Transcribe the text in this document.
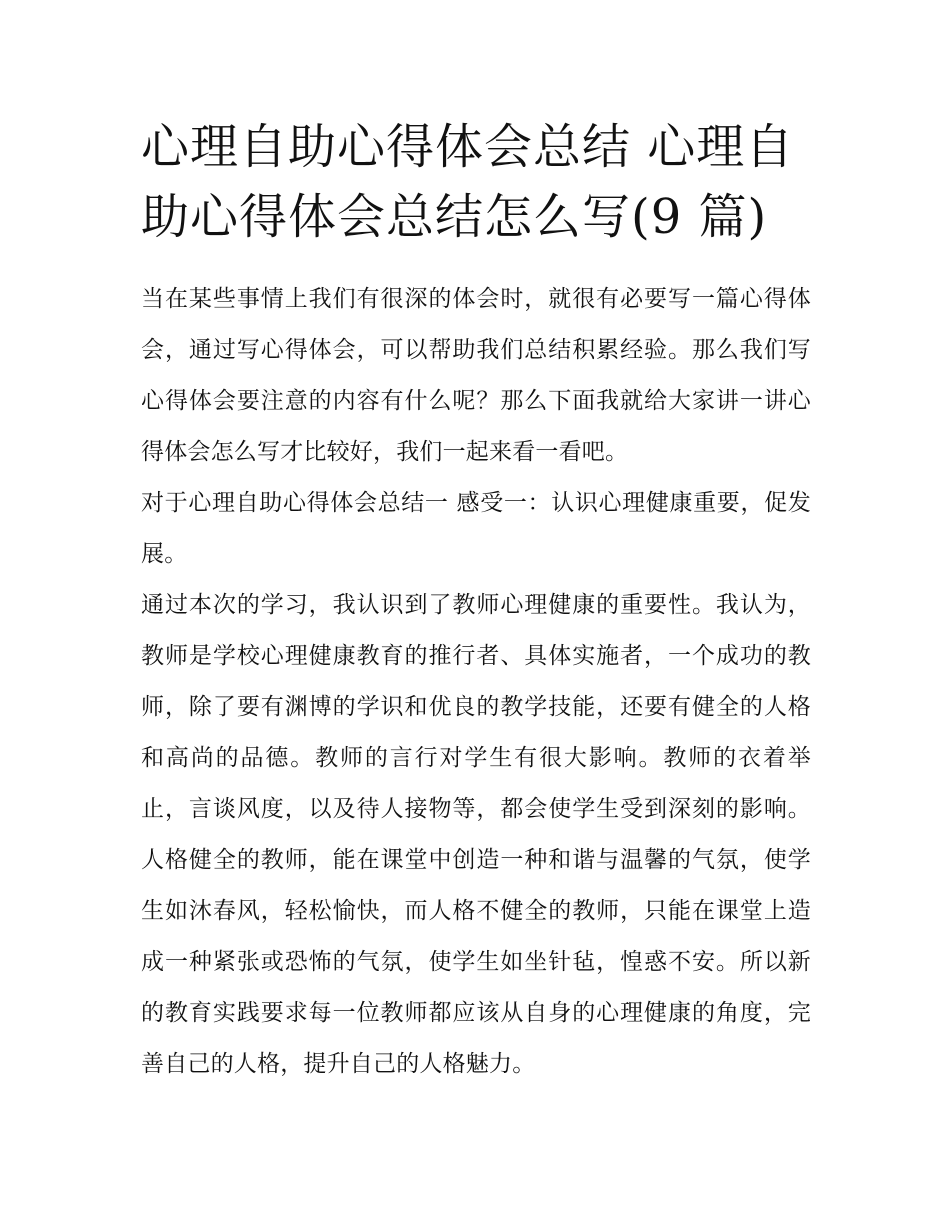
心理自助心得体会总结 心理自助心得体会总结怎么写(9 篇)

当在某些事情上我们有很深的体会时，就很有必要写一篇心得体会，通过写心得体会，可以帮助我们总结积累经验。那么我们写心得体会要注意的内容有什么呢？那么下面我就给大家讲一讲心得体会怎么写才比较好，我们一起来看一看吧。

对于心理自助心得体会总结一 感受一：认识心理健康重要，促发展。

通过本次的学习，我认识到了教师心理健康的重要性。我认为，教师是学校心理健康教育的推行者、具体实施者，一个成功的教师，除了要有渊博的学识和优良的教学技能，还要有健全的人格和高尚的品德。教师的言行对学生有很大影响。教师的衣着举止，言谈风度，以及待人接物等，都会使学生受到深刻的影响。人格健全的教师，能在课堂中创造一种和谐与温馨的气氛，使学生如沐春风，轻松愉快，而人格不健全的教师，只能在课堂上造成一种紧张或恐怖的气氛，使学生如坐针毡，惶惑不安。所以新的教育实践要求每一位教师都应该从自身的心理健康的角度，完善自己的人格，提升自己的人格魅力。
